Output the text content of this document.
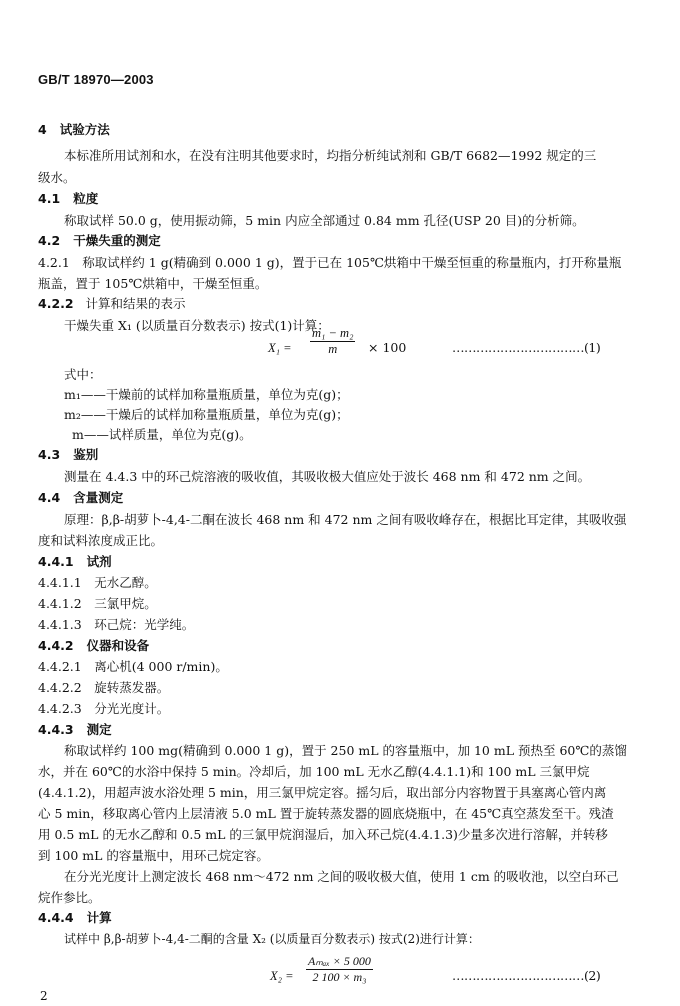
GB/T 18970—2003
4 试验方法
本标准所用试剂和水，在没有注明其他要求时，均指分析纯试剂和 GB/T 6682—1992 规定的三
级水。
4.1 粒度
称取试样 50.0 g，使用振动筛，5 min 内应全部通过 0.84 mm 孔径(USP 20 目)的分析筛。
4.2 干燥失重的测定
4.2.1　称取试样约 1 g(精确到 0.000 1 g)，置于已在 105℃烘箱中干燥至恒重的称量瓶内，打开称量瓶
瓶盖，置于 105℃烘箱中，干燥至恒重。
4.2.2 计算和结果的表示
干燥失重 X₁ (以质量百分数表示) 按式(1)计算：
$X_1 = \frac{\text{m₁ − m₂}}{m} \times 100$	……………………………(1)
式中：
m₁——干燥前的试样加称量瓶质量，单位为克(g)；
m₂——干燥后的试样加称量瓶质量，单位为克(g)；
m——试样质量，单位为克(g)。
4.3 鉴别
测量在 4.4.3 中的环己烷溶液的吸收值，其吸收极大值应处于波长 468 nm 和 472 nm 之间。
4.4 含量测定
原理：β,β-胡萝卜-4,4-二酮在波长 468 nm 和 472 nm 之间有吸收峰存在，根据比耳定律，其吸收强
度和试料浓度成正比。
4.4.1 试剂
4.4.1.1　无水乙醇。
4.4.1.2　三氯甲烷。
4.4.1.3　环己烷：光学纯。
4.4.2 仪器和设备
4.4.2.1　离心机(4 000 r/min)。
4.4.2.2　旋转蒸发器。
4.4.2.3　分光光度计。
4.4.3 测定
称取试样约 100 mg(精确到 0.000 1 g)，置于 250 mL 的容量瓶中，加 10 mL 预热至 60℃的蒸馏
水，并在 60℃的水浴中保持 5 min。冷却后，加 100 mL 无水乙醇(4.4.1.1)和 100 mL 三氯甲烷
(4.4.1.2)，用超声波水浴处理 5 min，用三氯甲烷定容。摇匀后，取出部分内容物置于具塞离心管内离
心 5 min，移取离心管内上层清液 5.0 mL 置于旋转蒸发器的圆底烧瓶中，在 45℃真空蒸发至干。残渣
用 0.5 mL 的无水乙醇和 0.5 mL 的三氯甲烷润湿后，加入环己烷(4.4.1.3)少量多次进行溶解，并转移
到 100 mL 的容量瓶中，用环己烷定容。
在分光光度计上测定波长 468 nm～472 nm 之间的吸收极大值，使用 1 cm 的吸收池，以空白环己
烷作参比。
4.4.4 计算
试样中 β,β-胡萝卜-4,4-二酮的含量 X₂ (以质量百分数表示) 按式(2)进行计算：
X₂ =
Aₘₐₓ × 5 000
2 100 × m₃	……………………………(2)
2
